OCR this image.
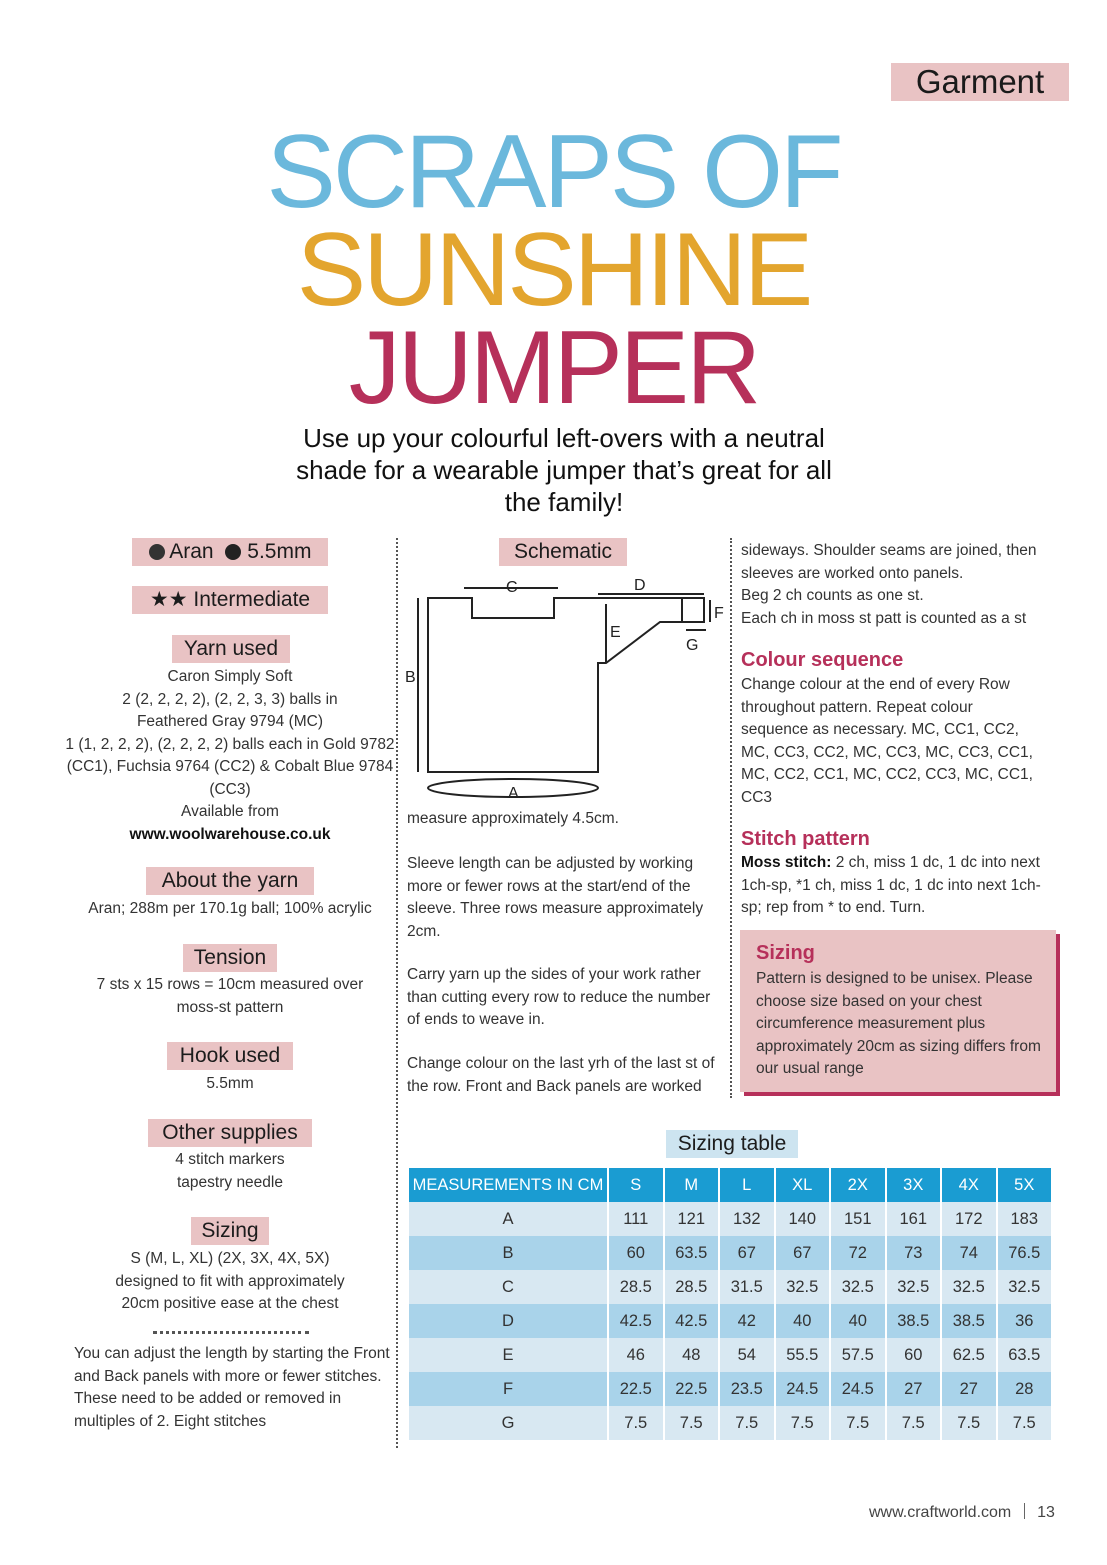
Garment
SCRAPS OF
SUNSHINE
JUMPER
Use up your colourful left-overs with a neutral shade for a wearable jumper that’s great for all the family!
Aran 5.5mm
★★ Intermediate
Yarn used
Caron Simply Soft
2 (2, 2, 2, 2), (2, 2, 3, 3) balls in
Feathered Gray 9794 (MC)
1 (1, 2, 2, 2), (2, 2, 2, 2) balls each in Gold 9782
(CC1), Fuchsia 9764 (CC2) & Cobalt Blue 9784
(CC3)
Available from
www.woolwarehouse.co.uk
About the yarn
Aran; 288m per 170.1g ball; 100% acrylic
Tension
7 sts x 15 rows = 10cm measured over
moss-st pattern
Hook used
5.5mm
Other supplies
4 stitch markers
tapestry needle
Sizing
S (M, L, XL) (2X, 3X, 4X, 5X)
designed to fit with approximately
20cm positive ease at the chest
You can adjust the length by starting the Front and Back panels with more or fewer stitches. These need to be added or removed in multiples of 2. Eight stitches
Schematic
C	D
E
F
G
B
A
measure approximately 4.5cm.
Sleeve length can be adjusted by working more or fewer rows at the start/end of the sleeve. Three rows measure approximately 2cm.
Carry yarn up the sides of your work rather than cutting every row to reduce the number of ends to weave in.
Change colour on the last yrh of the last st of the row. Front and Back panels are worked
sideways. Shoulder seams are joined, then
sleeves are worked onto panels.
Beg 2 ch counts as one st.
Each ch in moss st patt is counted as a st
Colour sequence
Change colour at the end of every Row throughout pattern. Repeat colour sequence as necessary. MC, CC1, CC2, MC, CC3, CC2, MC, CC3, MC, CC3, CC1, MC, CC2, CC1, MC, CC2, CC3, MC, CC1, CC3
Stitch pattern
Moss stitch: 2 ch, miss 1 dc, 1 dc into next 1ch-sp, *1 ch, miss 1 dc, 1 dc into next 1ch-sp; rep from * to end. Turn.
Sizing
Pattern is designed to be unisex. Please choose size based on your chest circumference measurement plus approximately 20cm as sizing differs from our usual range
Sizing table
MEASUREMENTS IN CM	S	M	L	XL	2X	3X	4X	5X
A	111	121	132	140	151	161	172	183
B	60	63.5	67	67	72	73	74	76.5
C	28.5	28.5	31.5	32.5	32.5	32.5	32.5	32.5
D	42.5	42.5	42	40	40	38.5	38.5	36
E	46	48	54	55.5	57.5	60	62.5	63.5
F	22.5	22.5	23.5	24.5	24.5	27	27	28
G	7.5	7.5	7.5	7.5	7.5	7.5	7.5	7.5
www.craftworld.com 13
